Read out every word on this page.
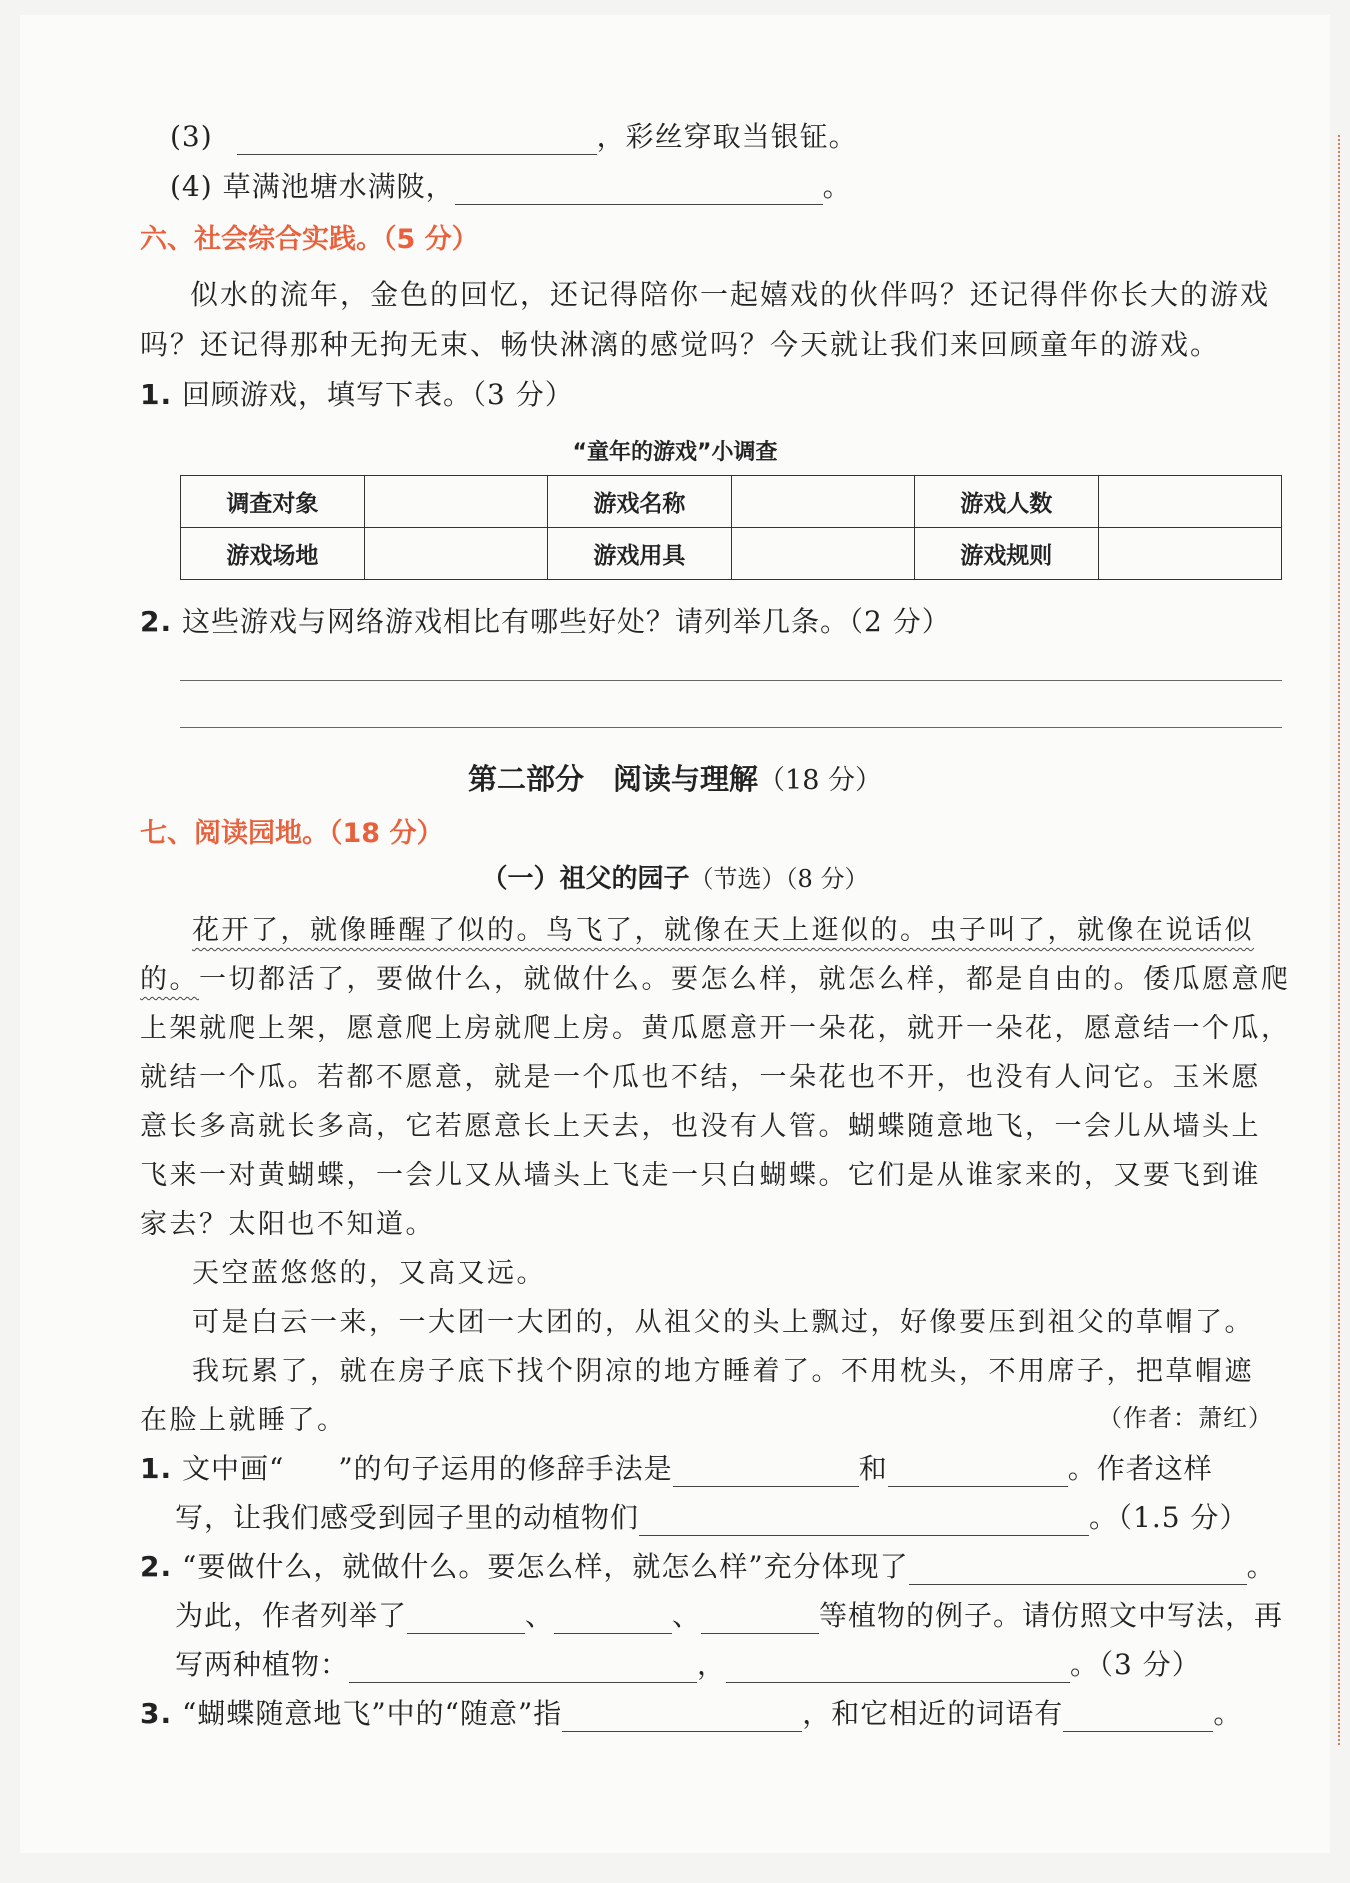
(3)	，彩丝穿取当银钲。
(4) 草满池塘水满陂，	。
六、社会综合实践。（5 分）
似水的流年，金色的回忆，还记得陪你一起嬉戏的伙伴吗？还记得伴你长大的游戏
吗？还记得那种无拘无束、畅快淋漓的感觉吗？今天就让我们来回顾童年的游戏。
1. 回顾游戏，填写下表。（3 分）
“童年的游戏”小调查
调查对象		游戏名称		游戏人数	
游戏场地		游戏用具		游戏规则	
2. 这些游戏与网络游戏相比有哪些好处？请列举几条。（2 分）
第二部分　阅读与理解（18 分）
七、阅读园地。（18 分）
（一）祖父的园子（节选）（8 分）
花开了，就像睡醒了似的。鸟飞了，就像在天上逛似的。虫子叫了，就像在说话似
的。一切都活了，要做什么，就做什么。要怎么样，就怎么样，都是自由的。倭瓜愿意爬
上架就爬上架，愿意爬上房就爬上房。黄瓜愿意开一朵花，就开一朵花，愿意结一个瓜，
就结一个瓜。若都不愿意，就是一个瓜也不结，一朵花也不开，也没有人问它。玉米愿
意长多高就长多高，它若愿意长上天去，也没有人管。蝴蝶随意地飞，一会儿从墙头上
飞来一对黄蝴蝶，一会儿又从墙头上飞走一只白蝴蝶。它们是从谁家来的，又要飞到谁
家去？太阳也不知道。
天空蓝悠悠的，又高又远。
可是白云一来，一大团一大团的，从祖父的头上飘过，好像要压到祖父的草帽了。
我玩累了，就在房子底下找个阴凉的地方睡着了。不用枕头，不用席子，把草帽遮
在脸上就睡了。	（作者：萧红）
1. 文中画“ ”的句子运用的修辞手法是	和	。作者这样
写，让我们感受到园子里的动植物们	。（1.5 分）
2. “要做什么，就做什么。要怎么样，就怎么样”充分体现了	。
为此，作者列举了	、	、	等植物的例子。请仿照文中写法，再
写两种植物：	，	。（3 分）
3. “蝴蝶随意地飞”中的“随意”指	，和它相近的词语有	。
